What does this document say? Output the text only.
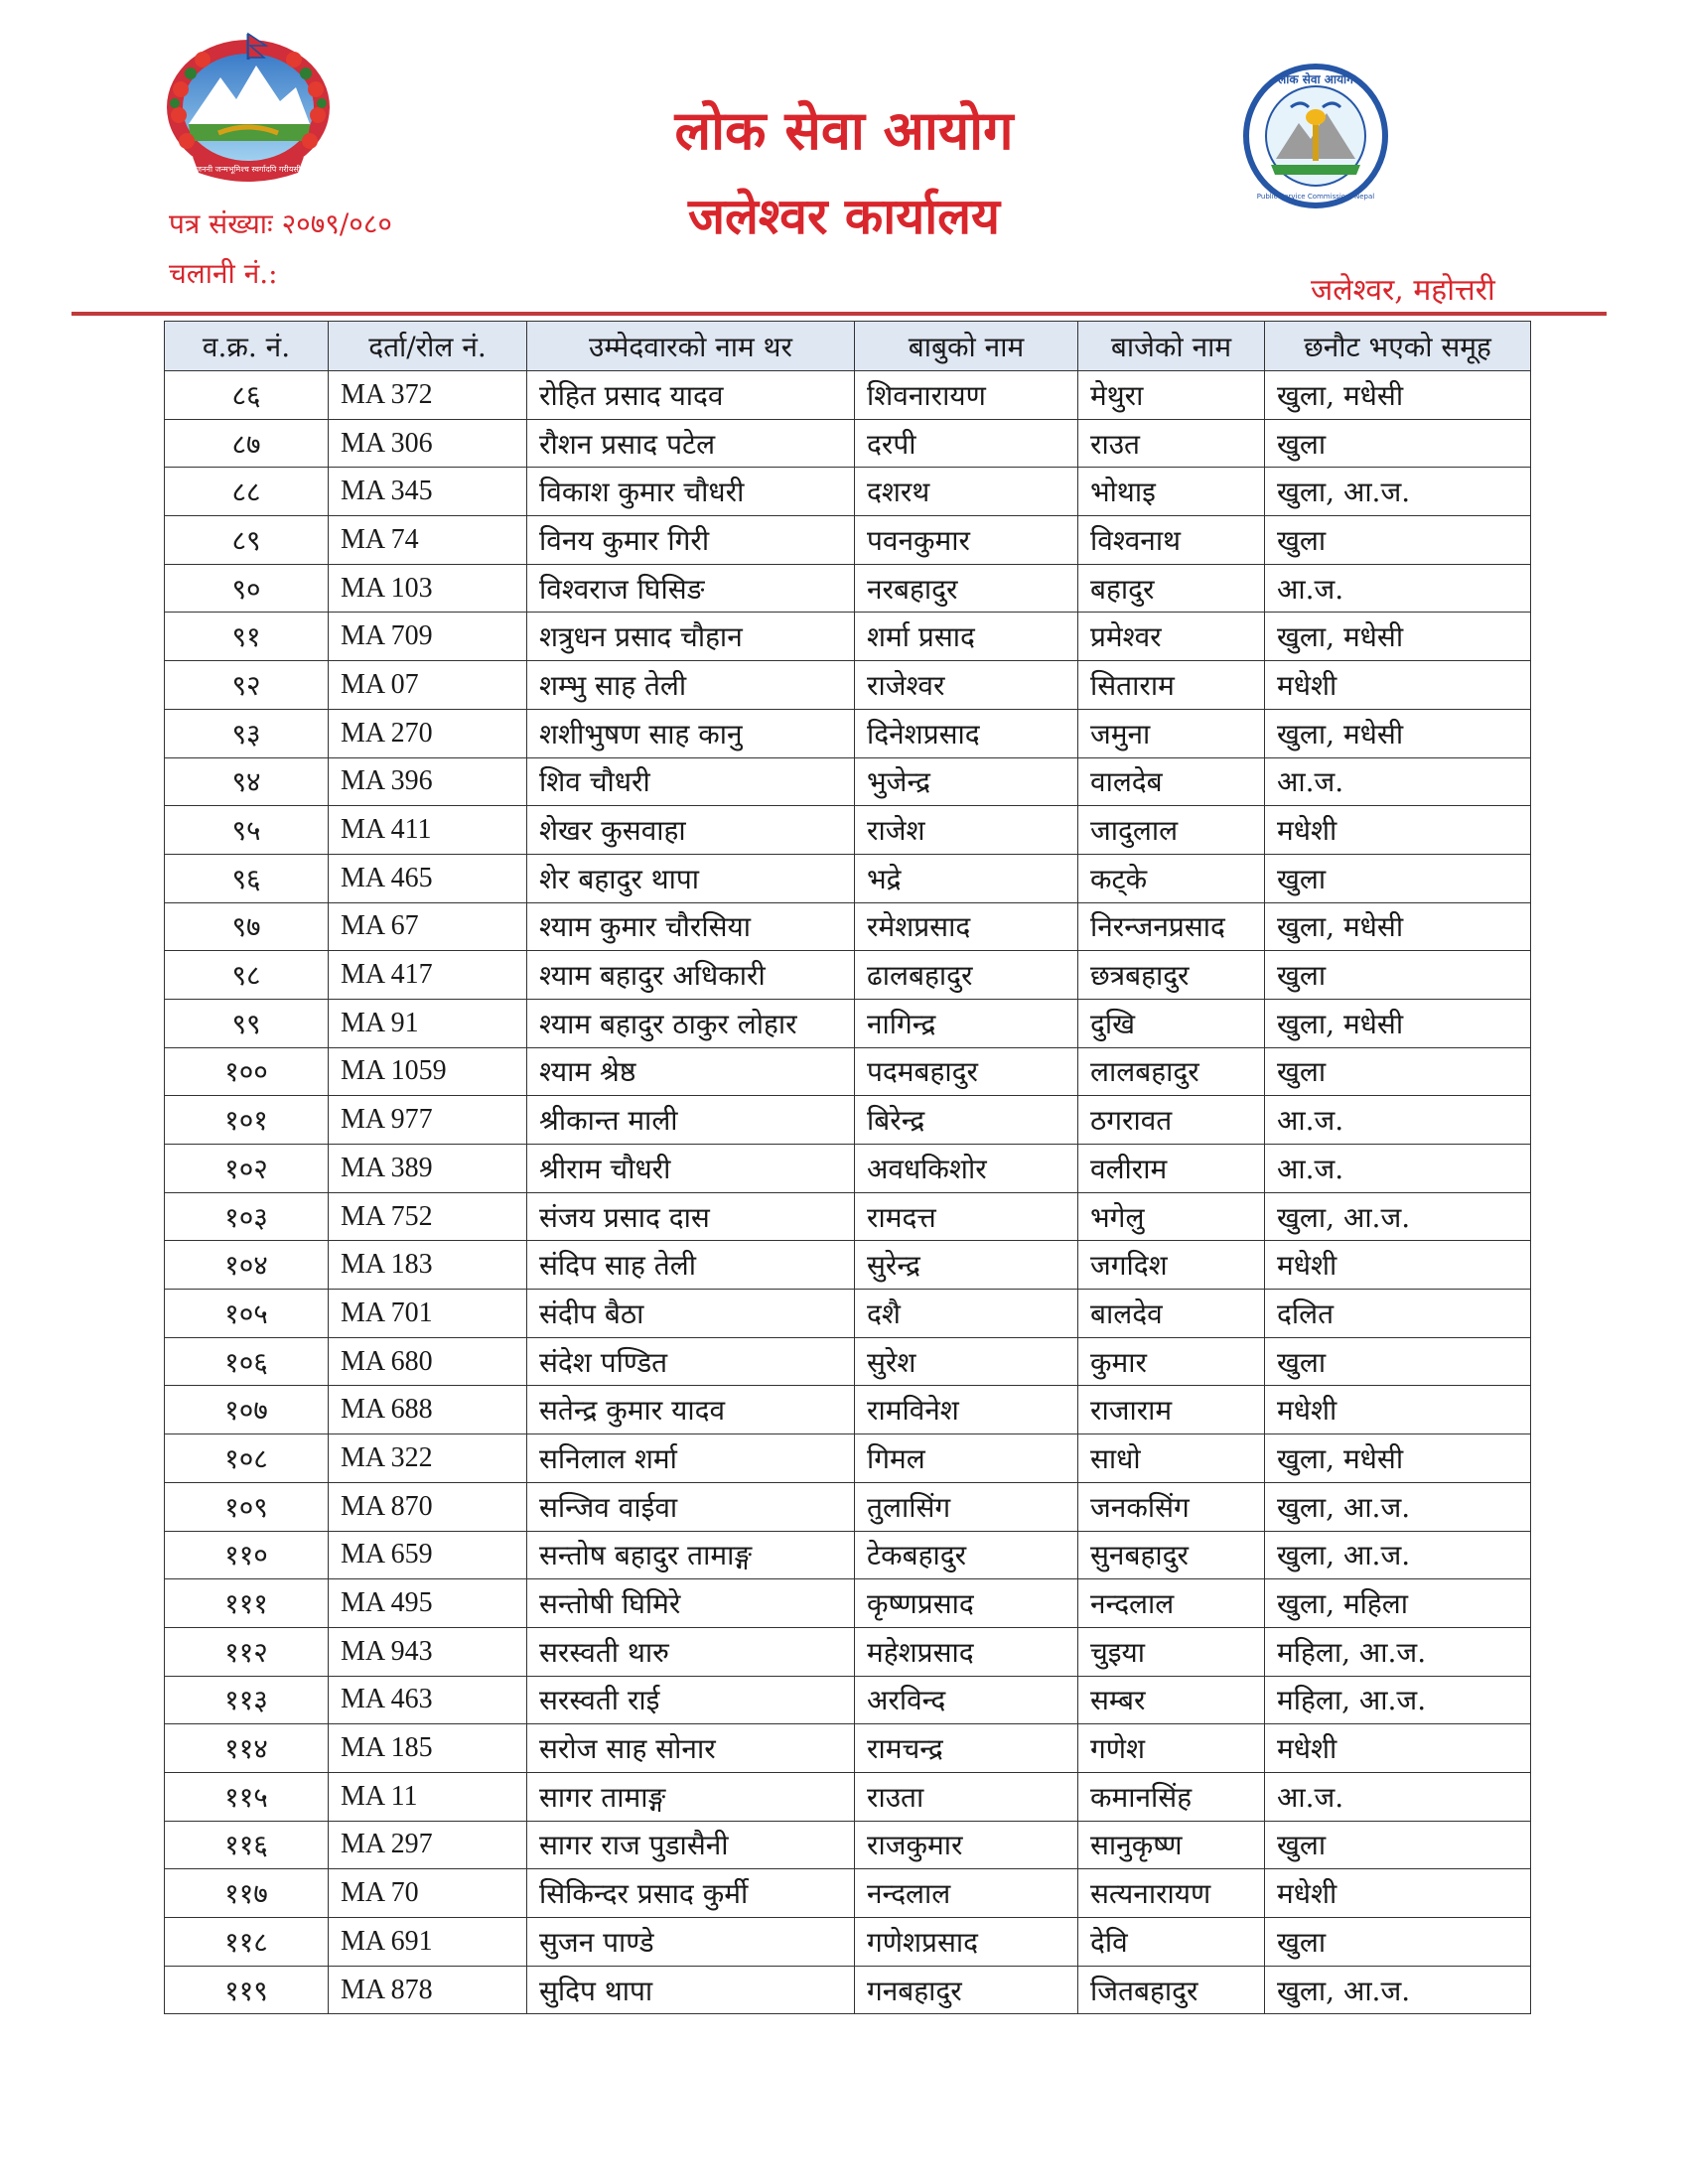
जननी जन्मभूमिश्च स्वर्गादपि गरीयसी
लोक सेवा आयोग
Public Service Commission, Nepal
लोक सेवा आयोग
जलेश्वर कार्यालय
पत्र संख्याः २०७९/०८०
चलानी नं.:	जलेश्वर, महोत्तरी
व.क्र. नं.	दर्ता/रोल नं.	उम्मेदवारको नाम थर	बाबुको नाम	बाजेको नाम	छनौट भएको समूह
८६	MA 372	रोहित प्रसाद यादव	शिवनारायण	मेथुरा	खुला, मधेसी
८७	MA 306	रौशन प्रसाद पटेल	दरपी	राउत	खुला
८८	MA 345	विकाश कुमार चौधरी	दशरथ	भोथाइ	खुला, आ.ज.
८९	MA 74	विनय कुमार गिरी	पवनकुमार	विश्वनाथ	खुला
९०	MA 103	विश्वराज घिसिङ	नरबहादुर	बहादुर	आ.ज.
९१	MA 709	शत्रुधन प्रसाद चौहान	शर्मा प्रसाद	प्रमेश्वर	खुला, मधेसी
९२	MA 07	शम्भु साह तेली	राजेश्वर	सिताराम	मधेशी
९३	MA 270	शशीभुषण साह कानु	दिनेशप्रसाद	जमुना	खुला, मधेसी
९४	MA 396	शिव चौधरी	भुजेन्द्र	वालदेब	आ.ज.
९५	MA 411	शेखर कुसवाहा	राजेश	जादुलाल	मधेशी
९६	MA 465	शेर बहादुर थापा	भद्रे	कट्के	खुला
९७	MA 67	श्याम कुमार चौरसिया	रमेशप्रसाद	निरन्जनप्रसाद	खुला, मधेसी
९८	MA 417	श्याम बहादुर अधिकारी	ढालबहादुर	छत्रबहादुर	खुला
९९	MA 91	श्याम बहादुर ठाकुर लोहार	नागिन्द्र	दुखि	खुला, मधेसी
१००	MA 1059	श्याम श्रेष्ठ	पदमबहादुर	लालबहादुर	खुला
१०१	MA 977	श्रीकान्त माली	बिरेन्द्र	ठगरावत	आ.ज.
१०२	MA 389	श्रीराम चौधरी	अवधकिशोर	वलीराम	आ.ज.
१०३	MA 752	संजय प्रसाद दास	रामदत्त	भगेलु	खुला, आ.ज.
१०४	MA 183	संदिप साह तेली	सुरेन्द्र	जगदिश	मधेशी
१०५	MA 701	संदीप बैठा	दशै	बालदेव	दलित
१०६	MA 680	संदेश पण्डित	सुरेश	कुमार	खुला
१०७	MA 688	सतेन्द्र कुमार यादव	रामविनेश	राजाराम	मधेशी
१०८	MA 322	सनिलाल शर्मा	गिमल	साधो	खुला, मधेसी
१०९	MA 870	सन्जिव वाईवा	तुलासिंग	जनकसिंग	खुला, आ.ज.
११०	MA 659	सन्तोष बहादुर तामाङ्ग	टेकबहादुर	सुनबहादुर	खुला, आ.ज.
१११	MA 495	सन्तोषी घिमिरे	कृष्णप्रसाद	नन्दलाल	खुला, महिला
११२	MA 943	सरस्वती थारु	महेशप्रसाद	चुइया	महिला, आ.ज.
११३	MA 463	सरस्वती राई	अरविन्द	सम्बर	महिला, आ.ज.
११४	MA 185	सरोज साह सोनार	रामचन्द्र	गणेश	मधेशी
११५	MA 11	सागर तामाङ्ग	राउता	कमानसिंह	आ.ज.
११६	MA 297	सागर राज पुडासैनी	राजकुमार	सानुकृष्ण	खुला
११७	MA 70	सिकिन्दर प्रसाद कुर्मी	नन्दलाल	सत्यनारायण	मधेशी
११८	MA 691	सुजन पाण्डे	गणेशप्रसाद	देवि	खुला
११९	MA 878	सुदिप थापा	गनबहादुर	जितबहादुर	खुला, आ.ज.
